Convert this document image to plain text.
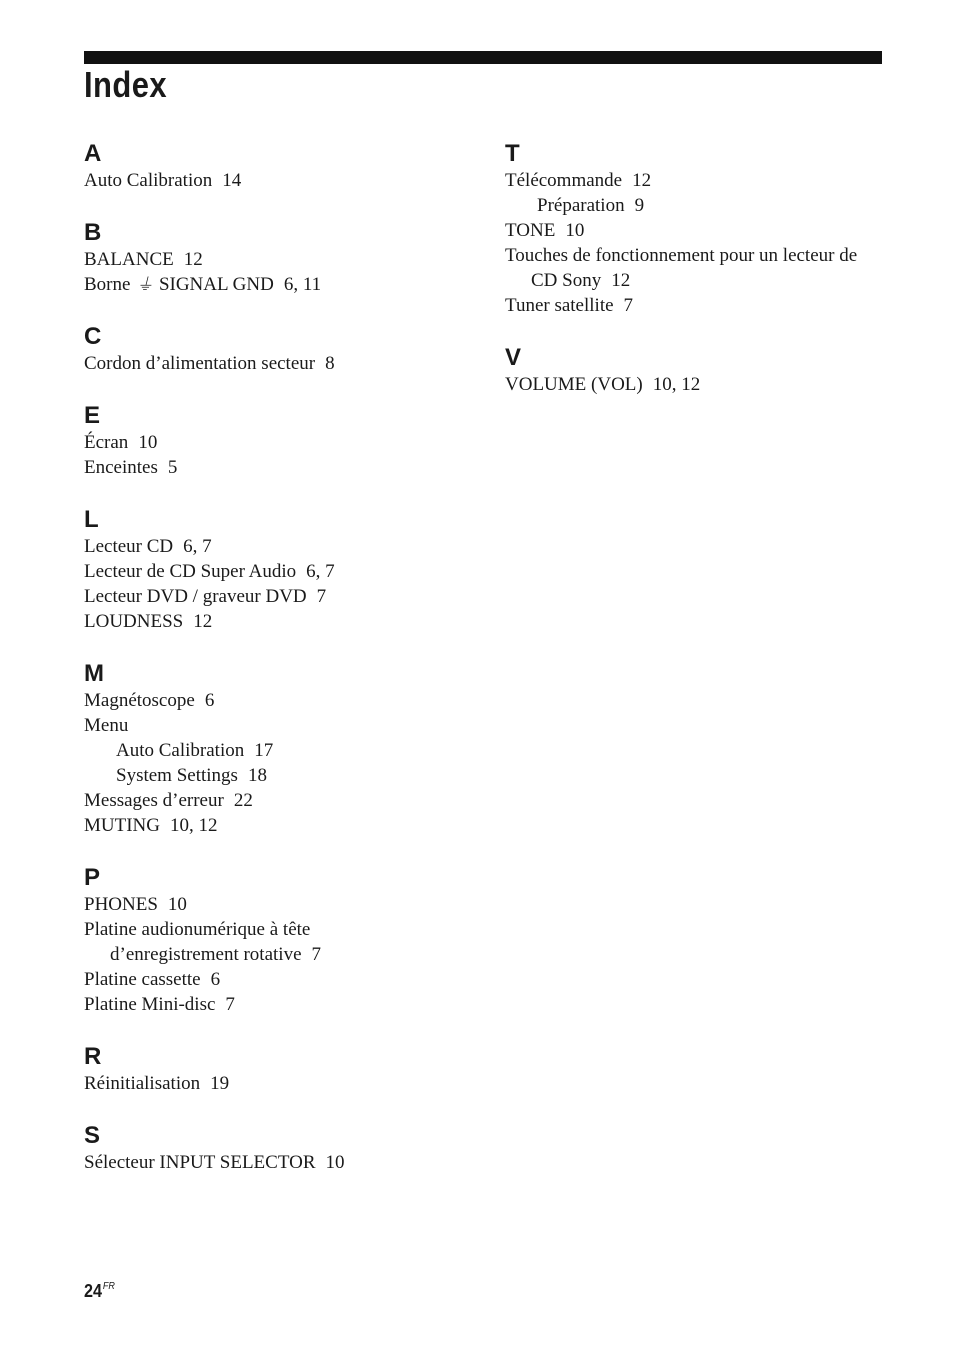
Index
A
Auto Calibration 14
B
BALANCE 12
Borne ⏚ SIGNAL GND 6, 11
C
Cordon d’alimentation secteur 8
E
Écran 10
Enceintes 5
L
Lecteur CD 6, 7
Lecteur de CD Super Audio 6, 7
Lecteur DVD / graveur DVD 7
LOUDNESS 12
M
Magnétoscope 6
Menu
Auto Calibration 17
System Settings 18
Messages d’erreur 22
MUTING 10, 12
P
PHONES 10
Platine audionumérique à tête
d’enregistrement rotative 7
Platine cassette 6
Platine Mini-disc 7
R
Réinitialisation 19
S
Sélecteur INPUT SELECTOR 10
T
Télécommande 12
Préparation 9
TONE 10
Touches de fonctionnement pour un lecteur de
CD Sony 12
Tuner satellite 7
V
VOLUME (VOL) 10, 12
$24^{FR}$
